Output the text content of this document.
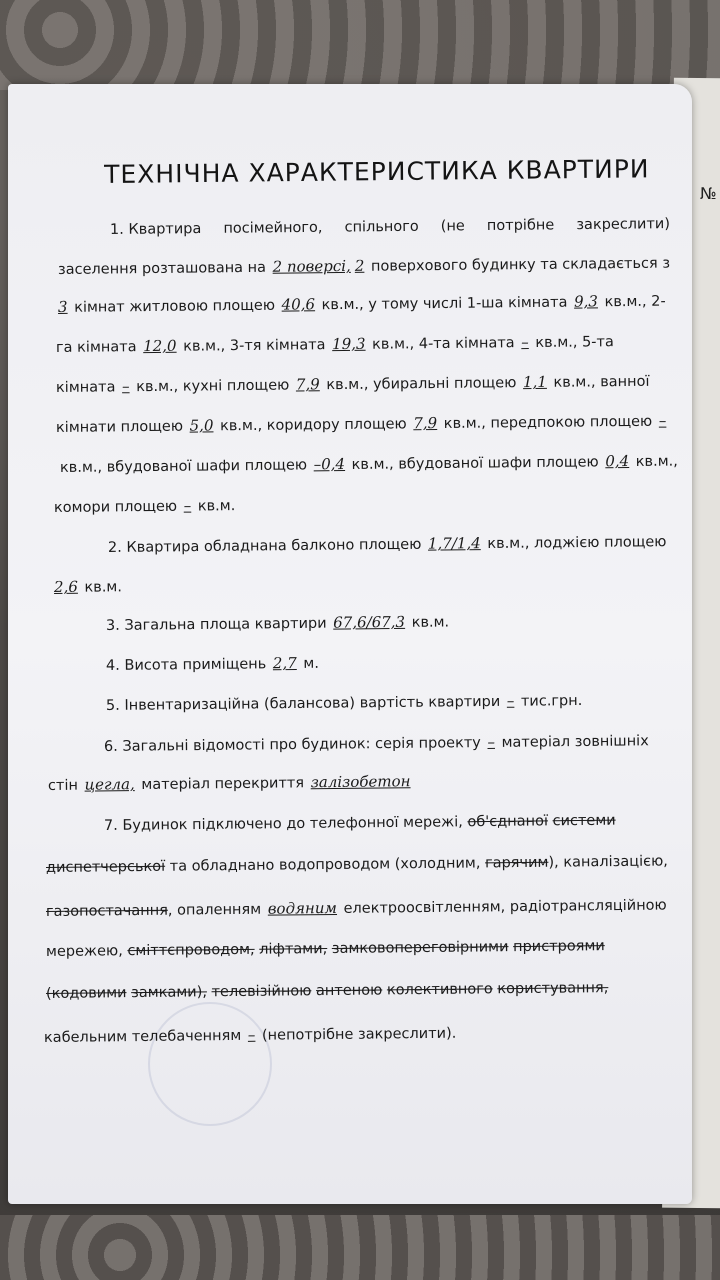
№
ТЕХНІЧНА ХАРАКТЕРИСТИКА КВАРТИРИ
1. Квартира посімейного, спільного (не потрібне закреслити)
заселення розташована на 2 поверсі, 2 поверхового будинку та складається з
3 кімнат житловою площею 40,6 кв.м., у тому числі 1-ша кімната 9,3 кв.м., 2-
га кімната 12,0 кв.м., 3-тя кімната 19,3 кв.м., 4-та кімната – кв.м., 5-та
кімната – кв.м., кухні площею 7,9 кв.м., убиральні площею 1,1 кв.м., ванної
кімнати площею 5,0 кв.м., коридору площею 7,9 кв.м., передпокою площею –
кв.м., вбудованої шафи площею –0,4 кв.м., вбудованої шафи площею 0,4 кв.м.,
комори площею – кв.м.
2. Квартира обладнана балконо площею 1,7/1,4 кв.м., лоджією площею
2,6 кв.м.
3. Загальна площа квартири 67,6/67,3 кв.м.
4. Висота приміщень 2,7 м.
5. Інвентаризаційна (балансова) вартість квартири – тис.грн.
6. Загальні відомості про будинок: серія проекту – матеріал зовнішніх
стін цегла, матеріал перекриття залізобетон
7. Будинок підключено до телефонної мережі, об'єднаної системи
диспетчерської та обладнано водопроводом (холодним, гарячим), каналізацією,
газопостачання, опаленням водяним електроосвітленням, радіотрансляційною
мережею, сміттєпроводом, ліфтами, замковопереговірними пристроями
(кодовими замками), телевізійною антеною колективного користування,
кабельним телебаченням – (непотрібне закреслити).
